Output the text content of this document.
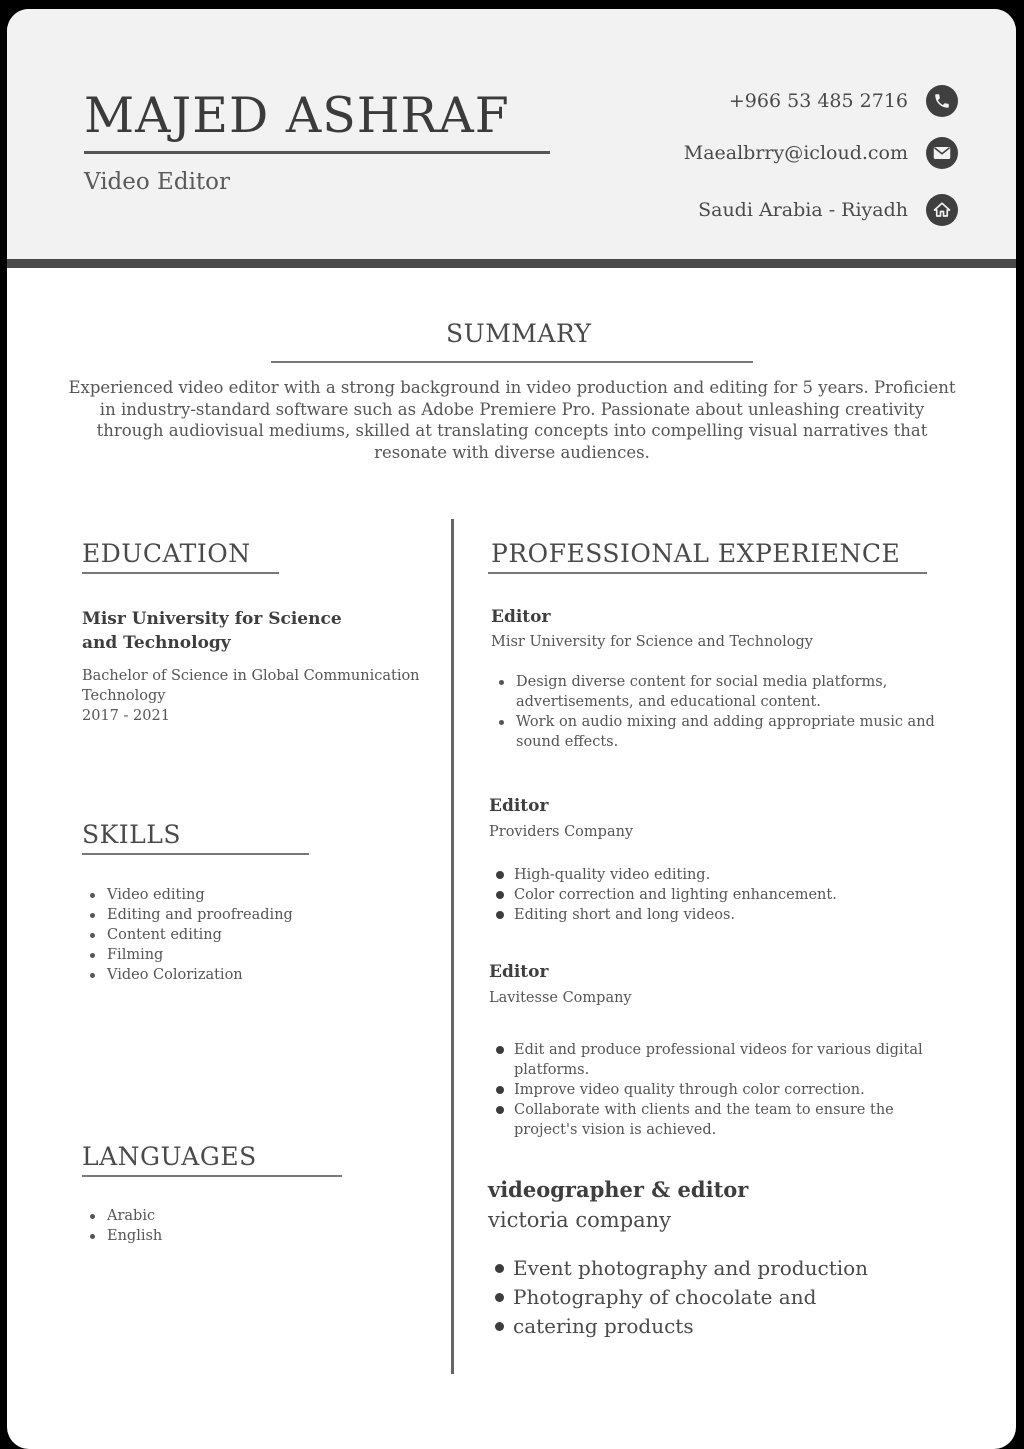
MAJED ASHRAF
Video Editor
+966 53 485 2716
Maealbrry@icloud.com
Saudi Arabia - Riyadh
SUMMARY
Experienced video editor with a strong background in video production and editing for 5 years. Proficient in industry-standard software such as Adobe Premiere Pro. Passionate about unleashing creativity through audiovisual mediums, skilled at translating concepts into compelling visual narratives that resonate with diverse audiences.
EDUCATION
Misr University for Science
and Technology
Bachelor of Science in Global Communication
Technology
2017 - 2021
SKILLS
Video editing
Editing and proofreading
Content editing
Filming
Video Colorization
LANGUAGES
Arabic
English
PROFESSIONAL EXPERIENCE
Editor
Misr University for Science and Technology
Design diverse content for social media platforms, advertisements, and educational content.
Work on audio mixing and adding appropriate music and sound effects.
Editor
Providers Company
High-quality video editing.
Color correction and lighting enhancement.
Editing short and long videos.
Editor
Lavitesse Company
Edit and produce professional videos for various digital platforms.
Improve video quality through color correction.
Collaborate with clients and the team to ensure the project's vision is achieved.
videographer & editor
victoria company
Event photography and production
Photography of chocolate and
catering products
